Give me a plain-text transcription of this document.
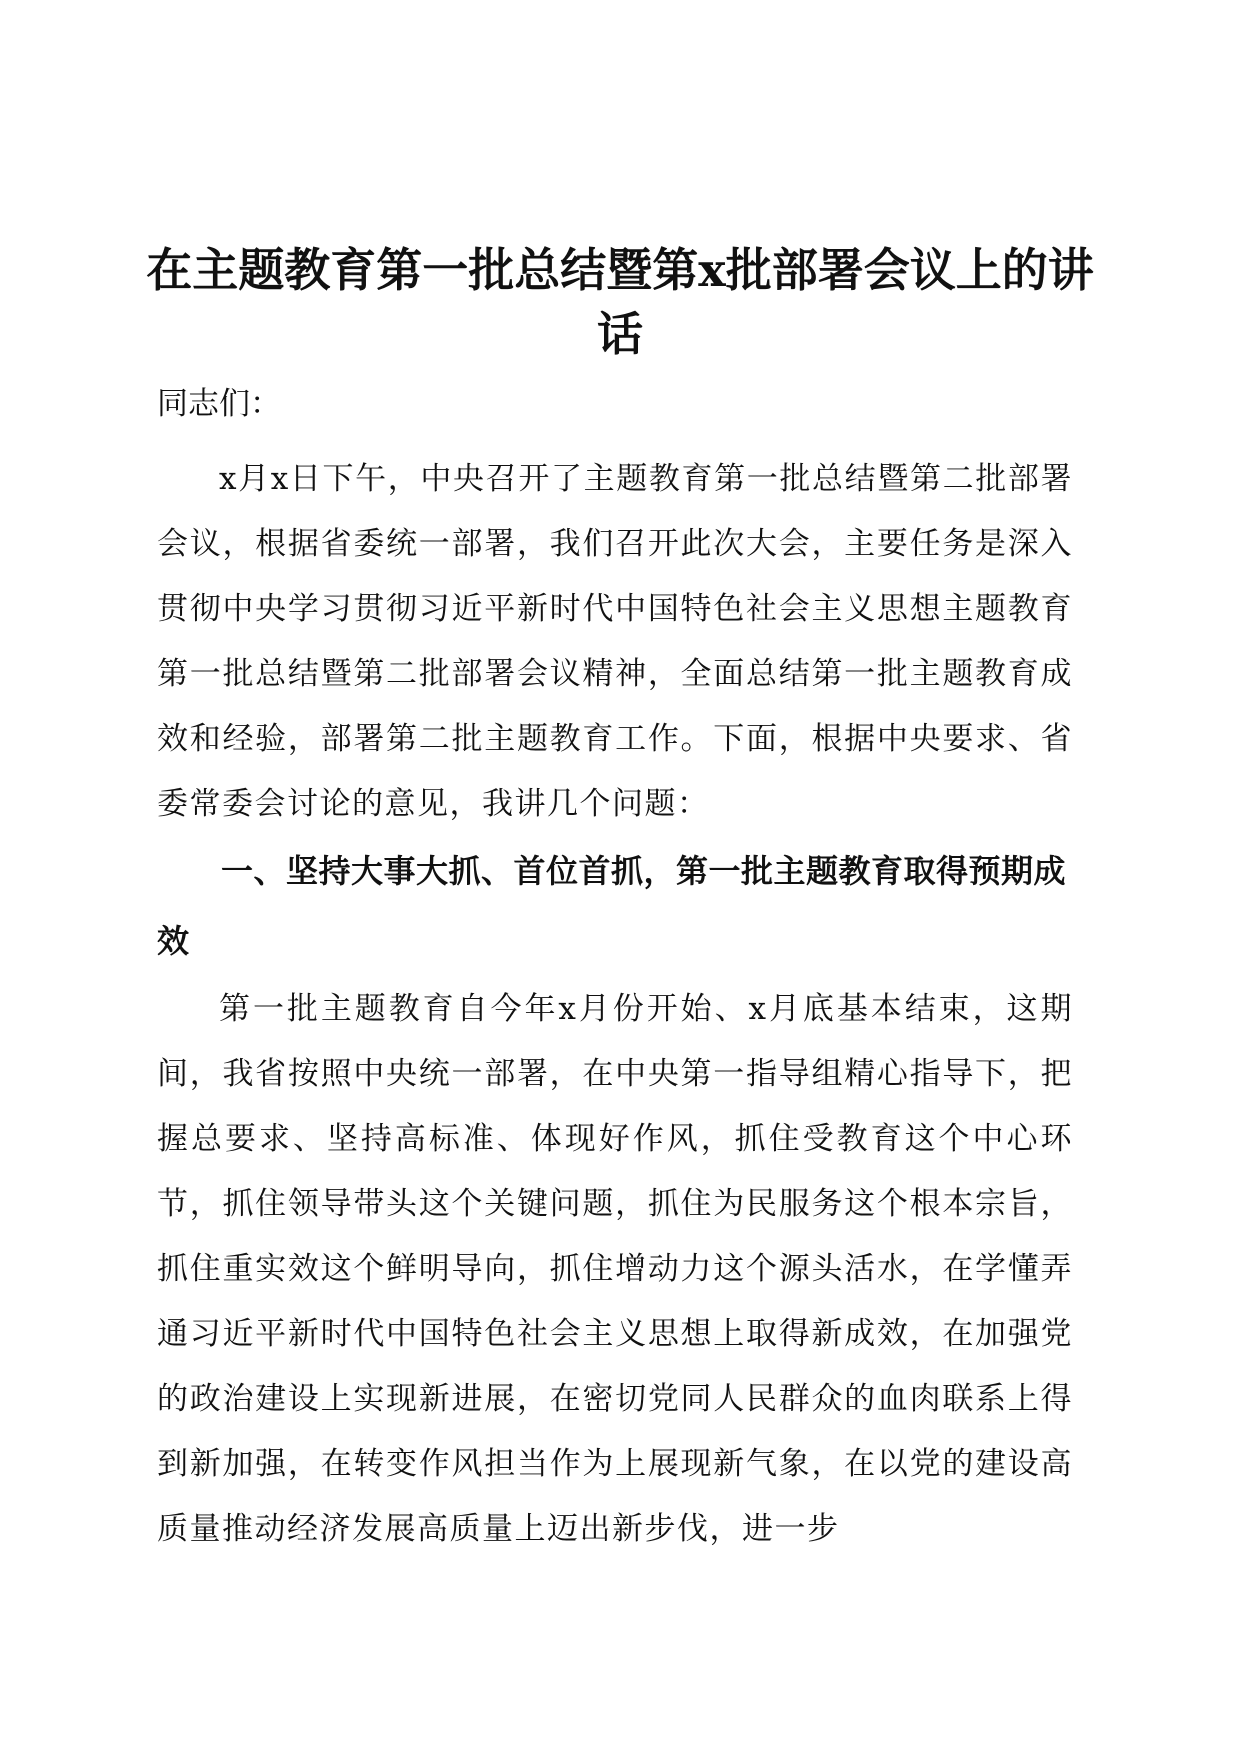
在主题教育第一批总结暨第x批部署会议上的讲话

同志们：

x月x日下午，中央召开了主题教育第一批总结暨第二批部署会议，根据省委统一部署，我们召开此次大会，主要任务是深入贯彻中央学习贯彻习近平新时代中国特色社会主义思想主题教育第一批总结暨第二批部署会议精神，全面总结第一批主题教育成效和经验，部署第二批主题教育工作。下面，根据中央要求、省委常委会讨论的意见，我讲几个问题：

一、坚持大事大抓、首位首抓，第一批主题教育取得预期成效

第一批主题教育自今年x月份开始、x月底基本结束，这期间，我省按照中央统一部署，在中央第一指导组精心指导下，把握总要求、坚持高标准、体现好作风，抓住受教育这个中心环节，抓住领导带头这个关键问题，抓住为民服务这个根本宗旨，抓住重实效这个鲜明导向，抓住增动力这个源头活水，在学懂弄通习近平新时代中国特色社会主义思想上取得新成效，在加强党的政治建设上实现新进展，在密切党同人民群众的血肉联系上得到新加强，在转变作风担当作为上展现新气象，在以党的建设高质量推动经济发展高质量上迈出新步伐，进一步
